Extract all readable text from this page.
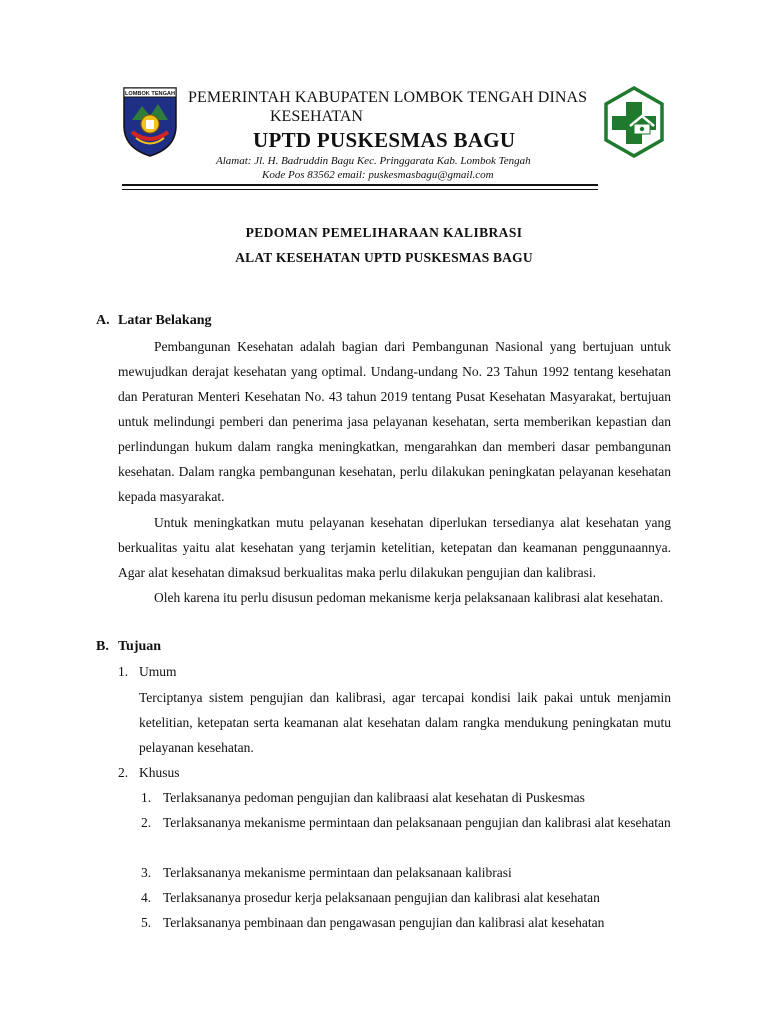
LOMBOK TENGAH PEMERINTAH KABUPATEN LOMBOK TENGAH DINAS
KESEHATAN
UPTD PUSKESMAS BAGU
Alamat: Jl. H. Badruddin Bagu Kec. Pringgarata Kab. Lombok Tengah
Kode Pos 83562 email: puskesmasbagu@gmail.com
PEDOMAN PEMELIHARAAN KALIBRASI
ALAT KESEHATAN UPTD PUSKESMAS BAGU
A. Latar Belakang
Pembangunan Kesehatan adalah bagian dari Pembangunan Nasional yang bertujuan untuk mewujudkan derajat kesehatan yang optimal. Undang-undang No. 23 Tahun 1992 tentang kesehatan dan Peraturan Menteri Kesehatan No. 43 tahun 2019 tentang Pusat Kesehatan Masyarakat, bertujuan untuk melindungi pemberi dan penerima jasa pelayanan kesehatan, serta memberikan kepastian dan perlindungan hukum dalam rangka meningkatkan, mengarahkan dan memberi dasar pembangunan kesehatan. Dalam rangka pembangunan kesehatan, perlu dilakukan peningkatan pelayanan kesehatan kepada masyarakat.
Untuk meningkatkan mutu pelayanan kesehatan diperlukan tersedianya alat kesehatan yang berkualitas yaitu alat kesehatan yang terjamin ketelitian, ketepatan dan keamanan penggunaannya. Agar alat kesehatan dimaksud berkualitas maka perlu dilakukan pengujian dan kalibrasi.
Oleh karena itu perlu disusun pedoman mekanisme kerja pelaksanaan kalibrasi alat kesehatan.
B. Tujuan
1. Umum
Terciptanya sistem pengujian dan kalibrasi, agar tercapai kondisi laik pakai untuk menjamin ketelitian, ketepatan serta keamanan alat kesehatan dalam rangka mendukung peningkatan mutu pelayanan kesehatan.
2. Khusus
1. Terlaksananya pedoman pengujian dan kalibraasi alat kesehatan di Puskesmas
2. Terlaksananya mekanisme permintaan dan pelaksanaan pengujian dan kalibrasi alat kesehatan
3. Terlaksananya mekanisme permintaan dan pelaksanaan kalibrasi
4. Terlaksananya prosedur kerja pelaksanaan pengujian dan kalibrasi alat kesehatan
5. Terlaksananya pembinaan dan pengawasan pengujian dan kalibrasi alat kesehatan
